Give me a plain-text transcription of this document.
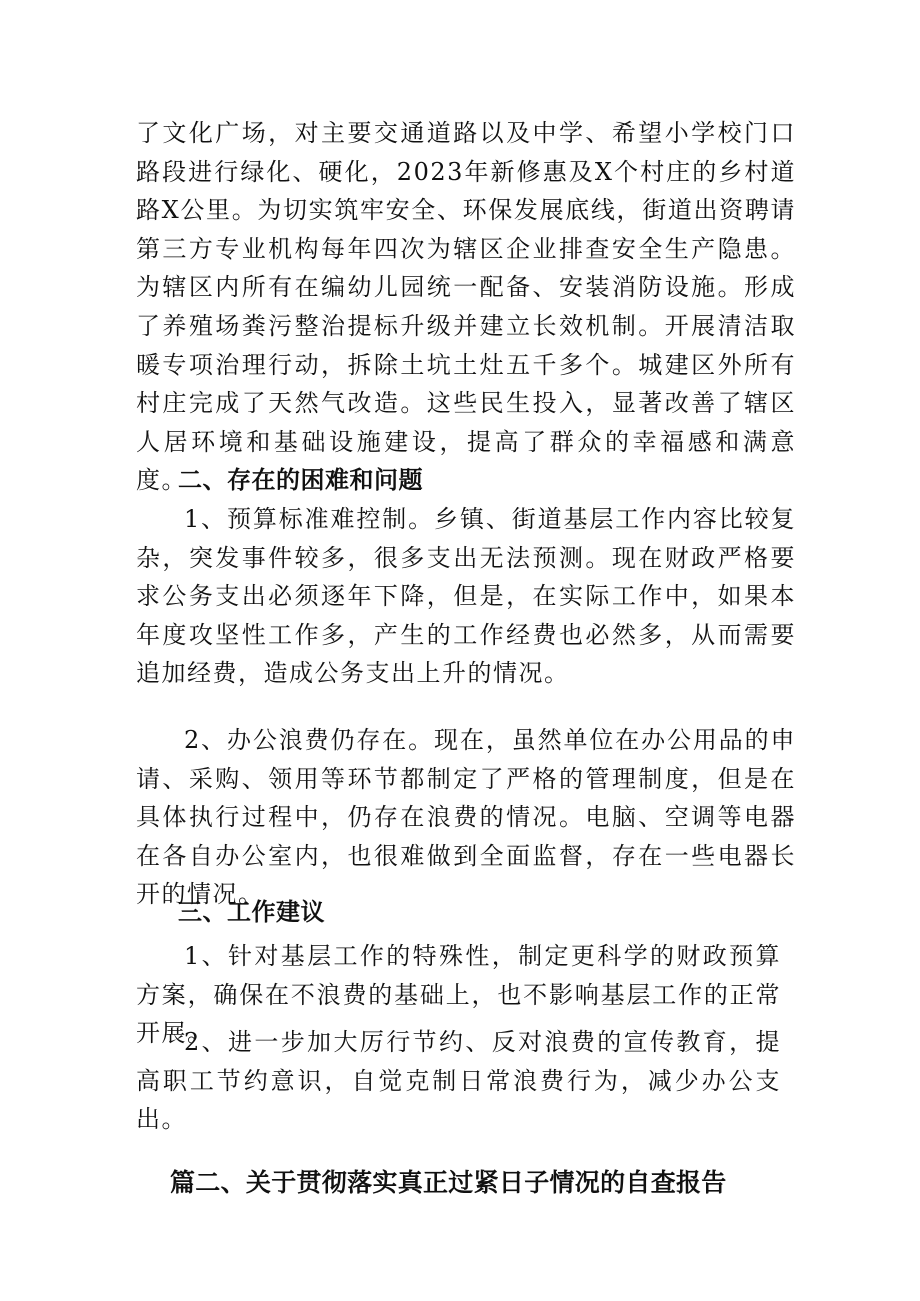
了文化广场，对主要交通道路以及中学、希望小学校门口路段进行绿化、硬化，2023年新修惠及X个村庄的乡村道路X公里。为切实筑牢安全、环保发展底线，街道出资聘请第三方专业机构每年四次为辖区企业排查安全生产隐患。为辖区内所有在编幼儿园统一配备、安装消防设施。形成了养殖场粪污整治提标升级并建立长效机制。开展清洁取暖专项治理行动，拆除土坑土灶五千多个。城建区外所有村庄完成了天然气改造。这些民生投入，显著改善了辖区人居环境和基础设施建设，提高了群众的幸福感和满意度。

二、存在的困难和问题

1、预算标准难控制。乡镇、街道基层工作内容比较复杂，突发事件较多，很多支出无法预测。现在财政严格要求公务支出必须逐年下降，但是，在实际工作中，如果本年度攻坚性工作多，产生的工作经费也必然多，从而需要追加经费，造成公务支出上升的情况。

2、办公浪费仍存在。现在，虽然单位在办公用品的申请、采购、领用等环节都制定了严格的管理制度，但是在具体执行过程中，仍存在浪费的情况。电脑、空调等电器在各自办公室内，也很难做到全面监督，存在一些电器长开的情况。

三、工作建议

1、针对基层工作的特殊性，制定更科学的财政预算方案，确保在不浪费的基础上，也不影响基层工作的正常开展。

2、进一步加大厉行节约、反对浪费的宣传教育，提高职工节约意识，自觉克制日常浪费行为，减少办公支出。

篇二、关于贯彻落实真正过紧日子情况的自查报告
